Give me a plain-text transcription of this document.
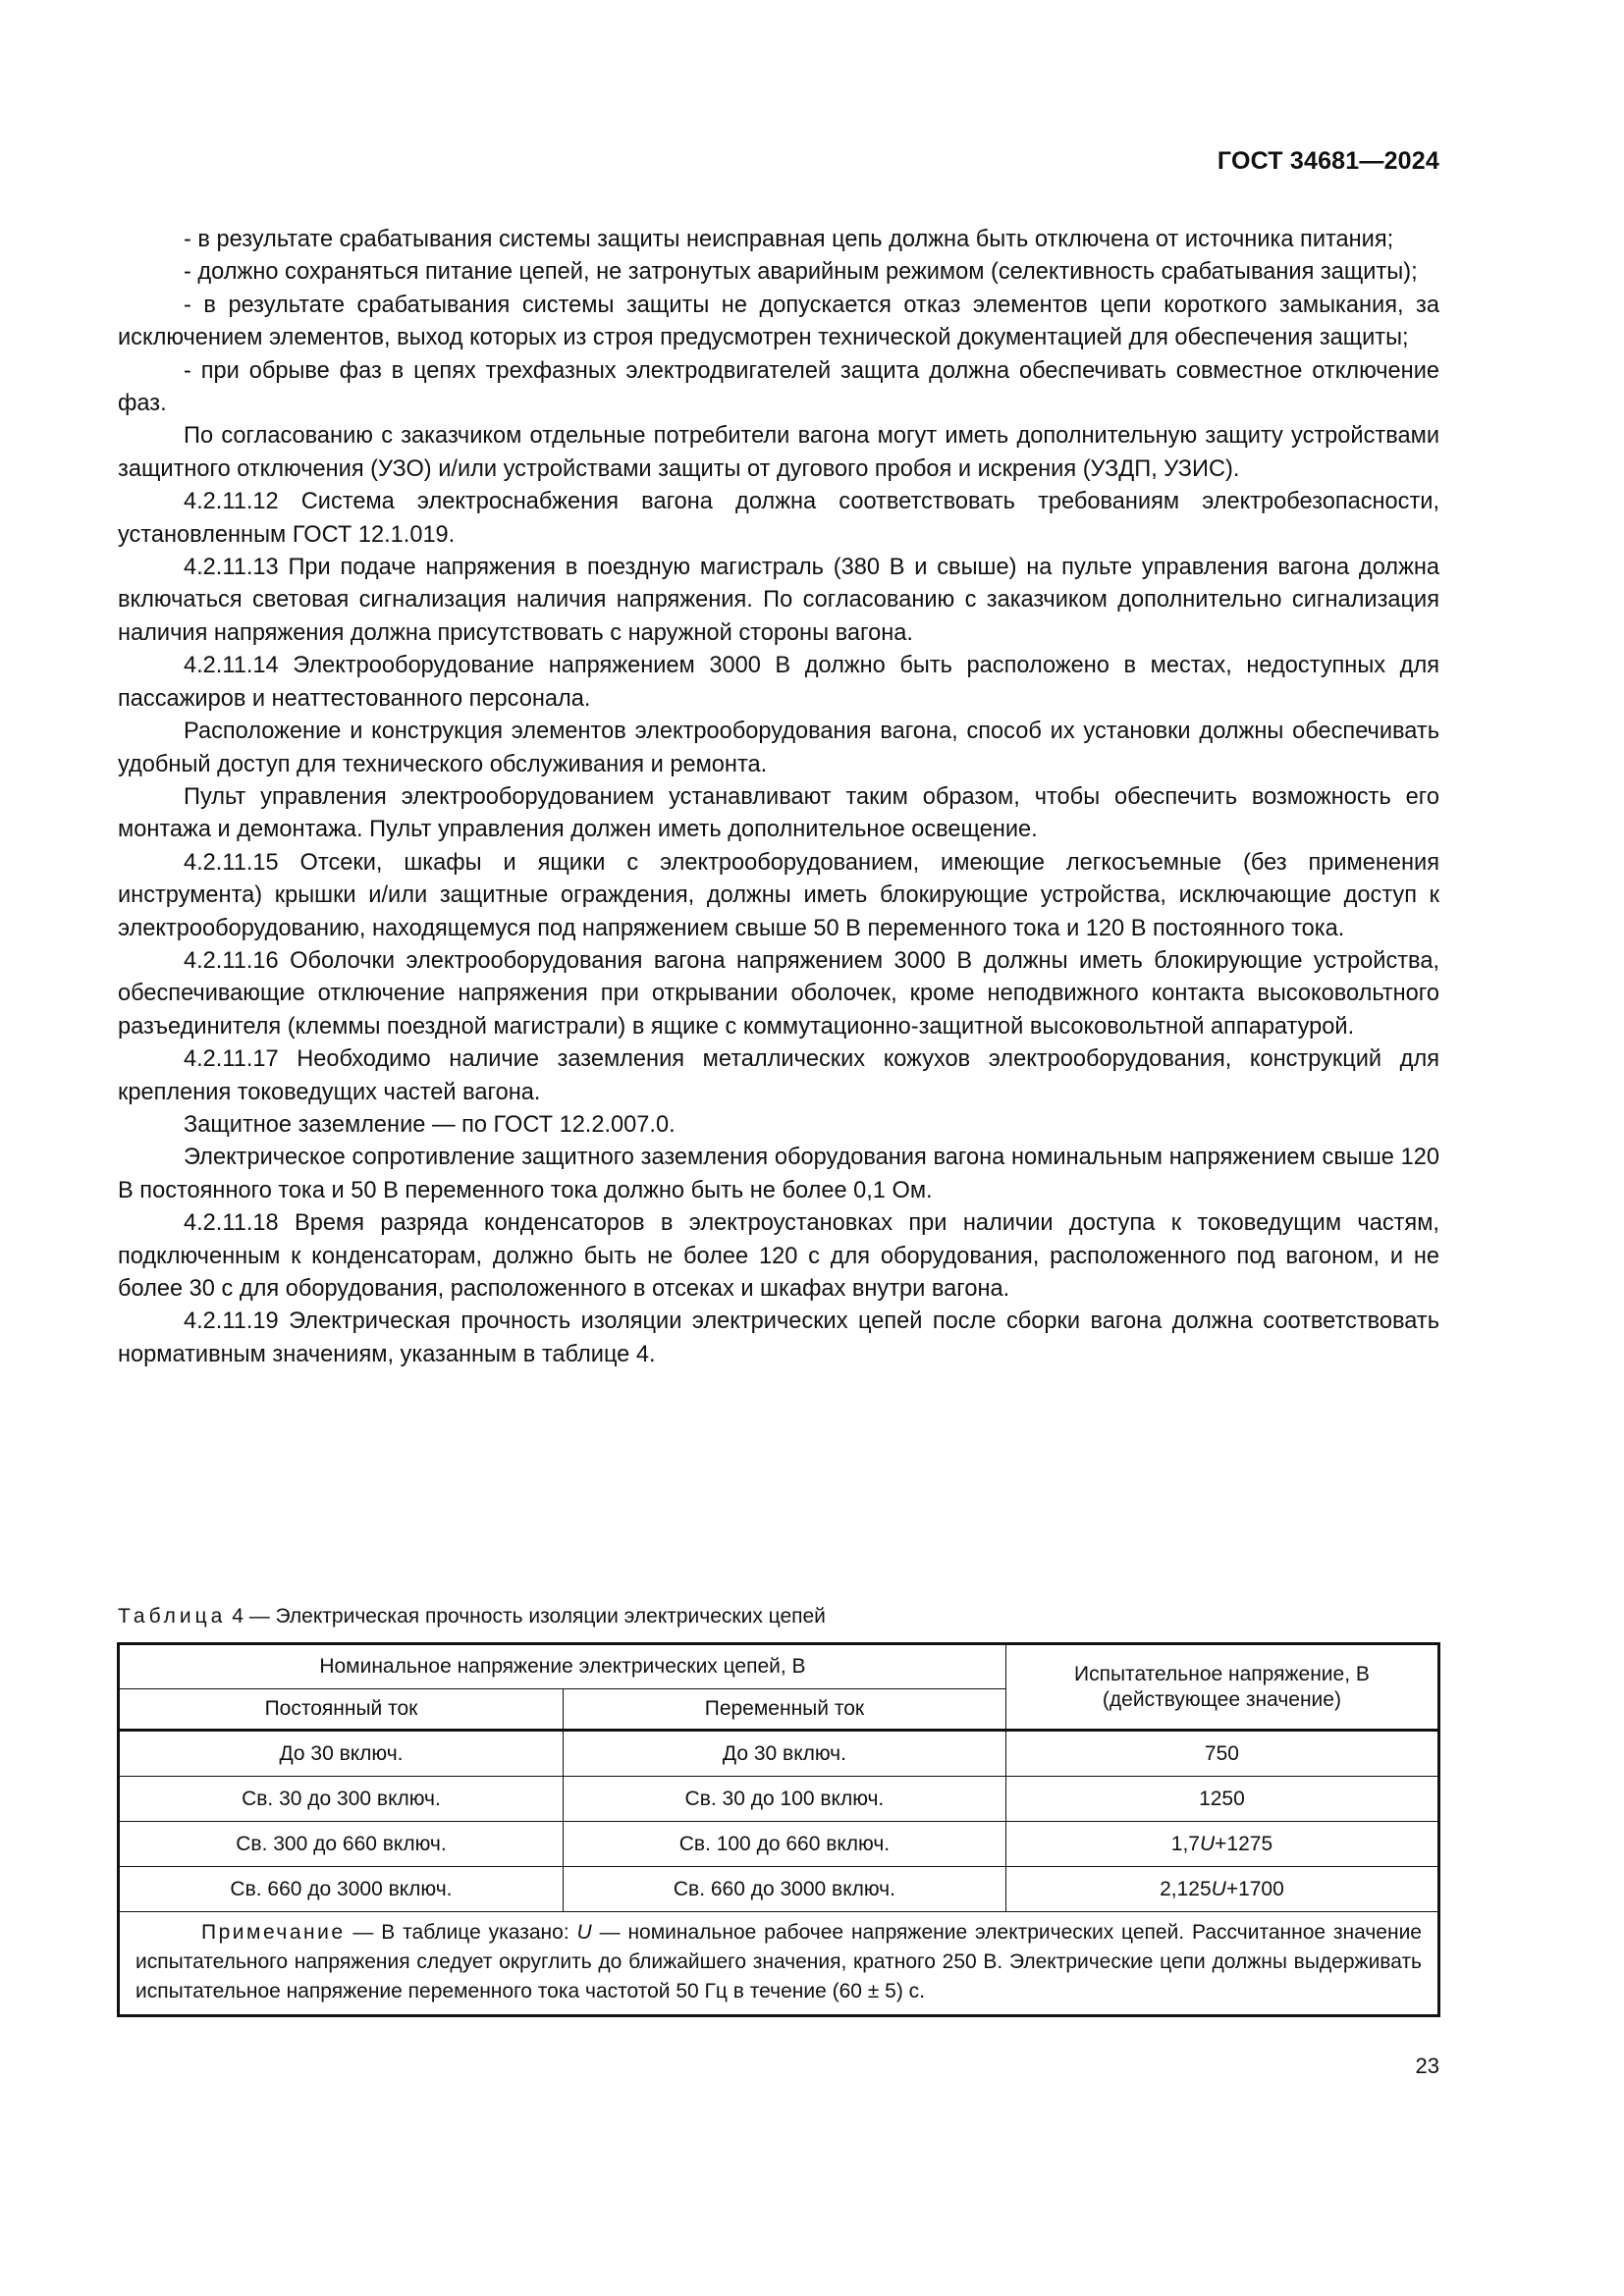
ГОСТ 34681—2024

- в результате срабатывания системы защиты неисправная цепь должна быть отключена от источника питания;

- должно сохраняться питание цепей, не затронутых аварийным режимом (селективность срабатывания защиты);

- в результате срабатывания системы защиты не допускается отказ элементов цепи короткого замыкания, за исключением элементов, выход которых из строя предусмотрен технической документацией для обеспечения защиты;

- при обрыве фаз в цепях трехфазных электродвигателей защита должна обеспечивать совместное отключение фаз.

По согласованию с заказчиком отдельные потребители вагона могут иметь дополнительную защиту устройствами защитного отключения (УЗО) и/или устройствами защиты от дугового пробоя и искрения (УЗДП, УЗИС).

4.2.11.12 Система электроснабжения вагона должна соответствовать требованиям электробезопасности, установленным ГОСТ 12.1.019.

4.2.11.13 При подаче напряжения в поездную магистраль (380 В и свыше) на пульте управления вагона должна включаться световая сигнализация наличия напряжения. По согласованию с заказчиком дополнительно сигнализация наличия напряжения должна присутствовать с наружной стороны вагона.

4.2.11.14 Электрооборудование напряжением 3000 В должно быть расположено в местах, недоступных для пассажиров и неаттестованного персонала.

Расположение и конструкция элементов электрооборудования вагона, способ их установки должны обеспечивать удобный доступ для технического обслуживания и ремонта.

Пульт управления электрооборудованием устанавливают таким образом, чтобы обеспечить возможность его монтажа и демонтажа. Пульт управления должен иметь дополнительное освещение.

4.2.11.15 Отсеки, шкафы и ящики с электрооборудованием, имеющие легкосъемные (без применения инструмента) крышки и/или защитные ограждения, должны иметь блокирующие устройства, исключающие доступ к электрооборудованию, находящемуся под напряжением свыше 50 В переменного тока и 120 В постоянного тока.

4.2.11.16 Оболочки электрооборудования вагона напряжением 3000 В должны иметь блокирующие устройства, обеспечивающие отключение напряжения при открывании оболочек, кроме неподвижного контакта высоковольтного разъединителя (клеммы поездной магистрали) в ящике с коммутационно-защитной высоковольтной аппаратурой.

4.2.11.17 Необходимо наличие заземления металлических кожухов электрооборудования, конструкций для крепления токоведущих частей вагона.

Защитное заземление — по ГОСТ 12.2.007.0.

Электрическое сопротивление защитного заземления оборудования вагона номинальным напряжением свыше 120 В постоянного тока и 50 В переменного тока должно быть не более 0,1 Ом.

4.2.11.18 Время разряда конденсаторов в электроустановках при наличии доступа к токоведущим частям, подключенным к конденсаторам, должно быть не более 120 с для оборудования, расположенного под вагоном, и не более 30 с для оборудования, расположенного в отсеках и шкафах внутри вагона.

4.2.11.19 Электрическая прочность изоляции электрических цепей после сборки вагона должна соответствовать нормативным значениям, указанным в таблице 4.

Таблица 4 — Электрическая прочность изоляции электрических цепей
Номинальное напряжение электрических цепей, В		Испытательное напряжение, В (действующее значение)
Постоянный ток	Переменный ток	
До 30 включ.	До 30 включ.	750
Св. 30 до 300 включ.	Св. 30 до 100 включ.	1250
Св. 300 до 660 включ.	Св. 100 до 660 включ.	1,7U+1275
Св. 660 до 3000 включ.	Св. 660 до 3000 включ.	2,125U+1700
Примечание — В таблице указано: U — номинальное рабочее напряжение электрических цепей. Рассчитанное значение испытательного напряжения следует округлить до ближайшего значения, кратного 250 В. Электрические цепи должны выдерживать испытательное напряжение переменного тока частотой 50 Гц в течение (60 ± 5) с.		
23
